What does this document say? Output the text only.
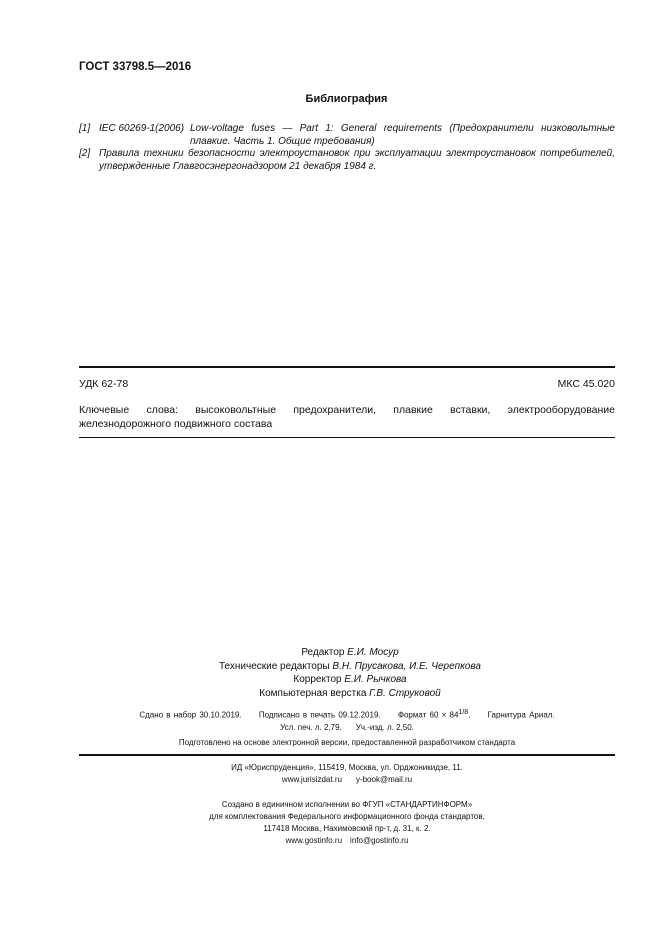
ГОСТ 33798.5—2016
Библиография
[1] IEC 60269-1(2006) Low-voltage fuses — Part 1: General requirements (Предохранители низковольтные плавкие. Часть 1. Общие требования)
[2] Правила техники безопасности электроустановок при эксплуатации электроустановок потребителей, утвержденные Главгосэнергонадзором 21 декабря 1984 г.
УДК 62-78	МКС 45.020
Ключевые слова: высоковольтные предохранители, плавкие вставки, электрооборудование железнодорожного подвижного состава
Редактор Е.И. Мосур
Технические редакторы В.Н. Прусакова, И.Е. Черепкова
Корректор Е.И. Рычкова
Компьютерная верстка Г.В. Струковой
Сдано в набор 30.10.2019. Подписано в печать 09.12.2019. Формат $60 \times 84^{1/8}$. Гарнитура Ариал.
Усл. печ. л. 2,79. Уч.-изд. л. 2,50.
Подготовлено на основе электронной версии, предоставленной разработчиком стандарта
ИД «Юриспруденция», 115419, Москва, ул. Орджоникидзе, 11.
www.jurisizdat.ru y-book@mail.ru
Создано в единичном исполнении во ФГУП «СТАНДАРТИНФОРМ»
для комплектования Федерального информационного фонда стандартов,
117418 Москва, Нахимовский пр-т, д. 31, к. 2.
www.gostinfo.ru info@gostinfo.ru
